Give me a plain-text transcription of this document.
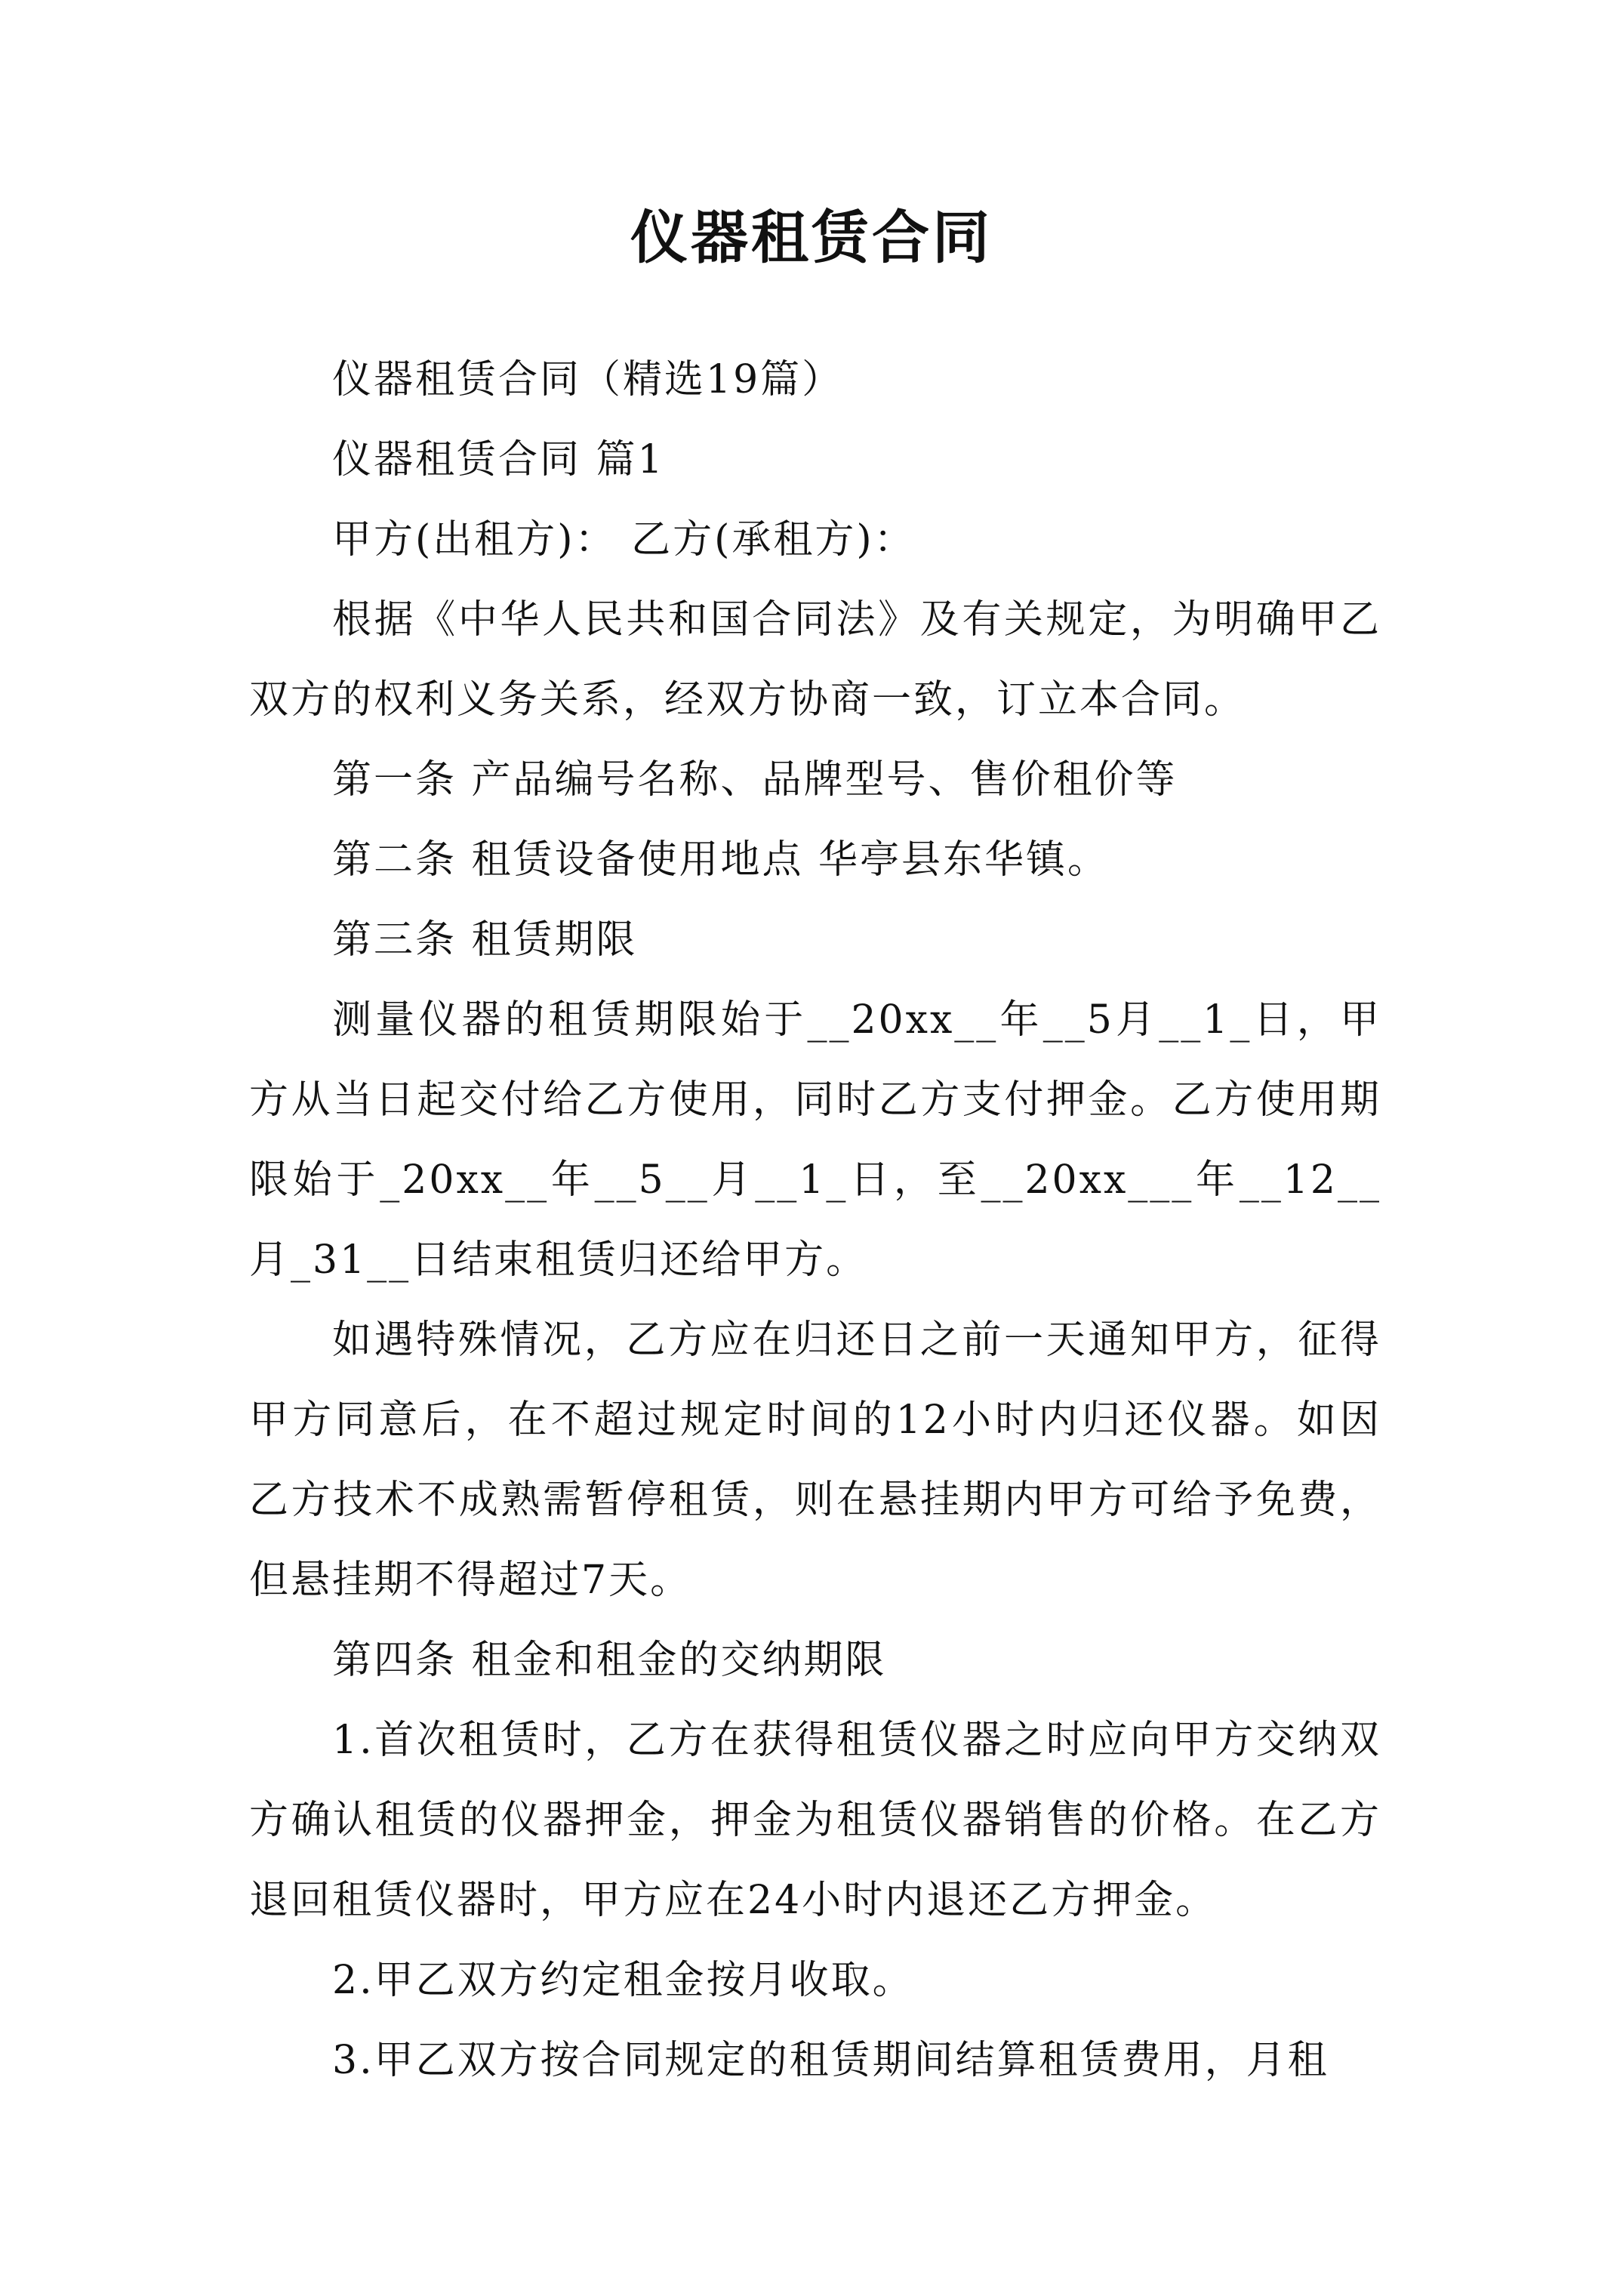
仪器租赁合同

仪器租赁合同（精选19篇）

仪器租赁合同 篇1

甲方(出租方)： 乙方(承租方)：

根据《中华人民共和国合同法》及有关规定，为明确甲乙双方的权利义务关系，经双方协商一致，订立本合同。

第一条 产品编号名称、品牌型号、售价租价等

第二条 租赁设备使用地点 华亭县东华镇。

第三条 租赁期限

测量仪器的租赁期限始于__20xx__年__5月__1_日，甲方从当日起交付给乙方使用，同时乙方支付押金。乙方使用期限始于_20xx__年__5__月__1_日，至__20xx___年__12__月_31__日结束租赁归还给甲方。

如遇特殊情况，乙方应在归还日之前一天通知甲方，征得甲方同意后，在不超过规定时间的12小时内归还仪器。如因乙方技术不成熟需暂停租赁，则在悬挂期内甲方可给予免费，但悬挂期不得超过7天。

第四条 租金和租金的交纳期限

1.首次租赁时，乙方在获得租赁仪器之时应向甲方交纳双方确认租赁的仪器押金，押金为租赁仪器销售的价格。在乙方退回租赁仪器时，甲方应在24小时内退还乙方押金。

2.甲乙双方约定租金按月收取。

3.甲乙双方按合同规定的租赁期间结算租赁费用，月租
